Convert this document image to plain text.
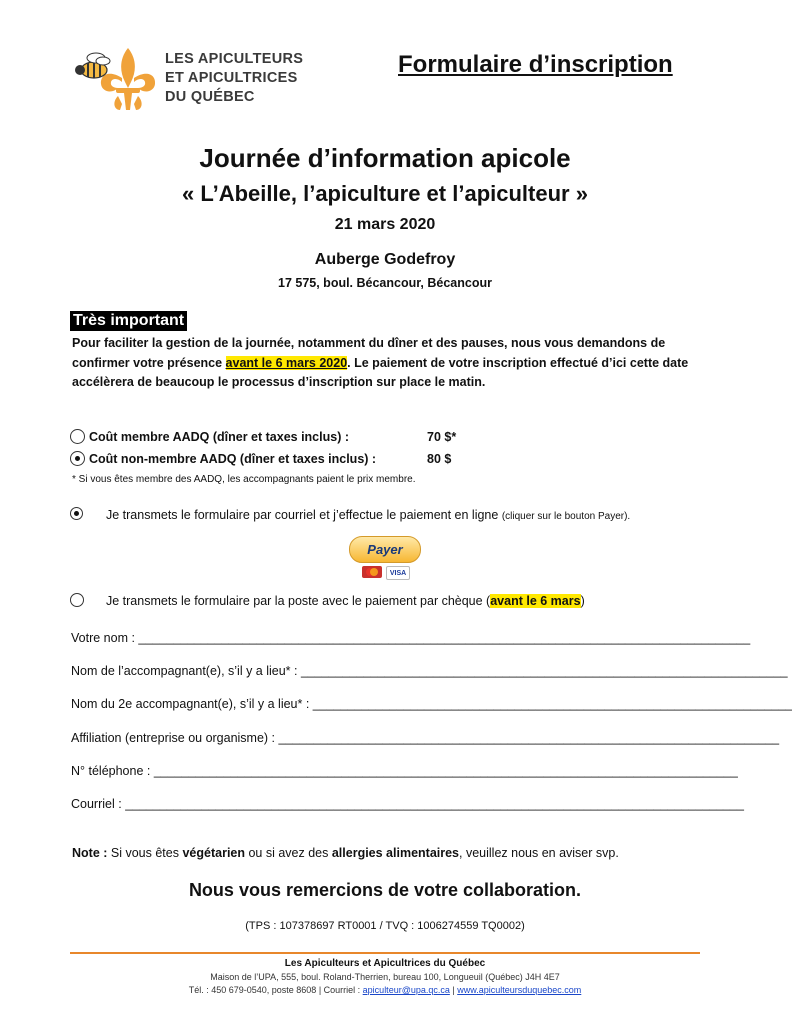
LES APICULTEURS
ET APICULTRICES
DU QUÉBEC
Formulaire d’inscription
Journée d’information apicole
« L’Abeille, l’apiculture et l’apiculteur »
21 mars 2020
Auberge Godefroy
17 575, boul. Bécancour, Bécancour
Très important
Pour faciliter la gestion de la journée, notamment du dîner et des pauses, nous vous demandons de confirmer votre présence avant le 6 mars 2020. Le paiement de votre inscription effectué d’ici cette date accélèrera de beaucoup le processus d’inscription sur place le matin.
Coût membre AADQ (dîner et taxes inclus) :	70 $*
Coût non-membre AADQ (dîner et taxes inclus) :	80 $
* Si vous êtes membre des AADQ, les accompagnants paient le prix membre.
Je transmets le formulaire par courriel et j’effectue le paiement en ligne (cliquer sur le bouton Payer).
Payer
VISA
Je transmets le formulaire par la poste avec le paiement par chèque (avant le 6 mars)
Votre nom : ________________________________________________________________________________________
Nom de l’accompagnant(e), s’il y a lieu* : ______________________________________________________________________
Nom du 2e accompagnant(e), s’il y a lieu* : _____________________________________________________________________
Affiliation (entreprise ou organisme) : ________________________________________________________________________
N° téléphone : ____________________________________________________________________________________
Courriel : _________________________________________________________________________________________
Note : Si vous êtes végétarien ou si avez des allergies alimentaires, veuillez nous en aviser svp.
Nous vous remercions de votre collaboration.
(TPS : 107378697 RT0001 / TVQ : 1006274559 TQ0002)
Les Apiculteurs et Apicultrices du Québec
Maison de l’UPA, 555, boul. Roland-Therrien, bureau 100, Longueuil (Québec) J4H 4E7
Tél. : 450 679-0540, poste 8608 | Courriel : apiculteur@upa.qc.ca | www.apiculteursduquebec.com
